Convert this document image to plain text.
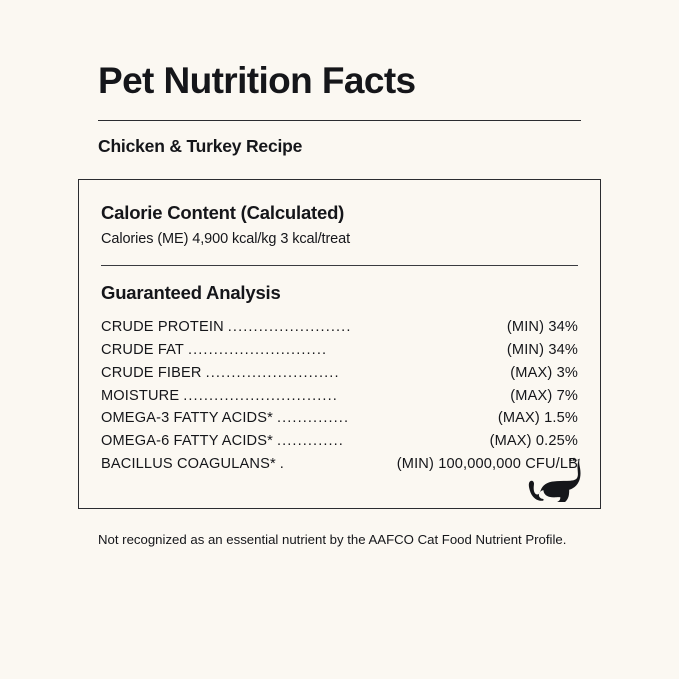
Pet Nutrition Facts
Chicken & Turkey Recipe
Calorie Content (Calculated)
Calories (ME) 4,900 kcal/kg 3 kcal/treat
Guaranteed Analysis
CRUDE PROTEIN ........................	(MIN) 34%
CRUDE FAT ...........................	(MIN) 34%
CRUDE FIBER ..........................	(MAX) 3%
MOISTURE ..............................	(MAX) 7%
OMEGA-3 FATTY ACIDS* ..............	(MAX) 1.5%
OMEGA-6 FATTY ACIDS* .............	(MAX) 0.25%
BACILLUS COAGULANS* .	(MIN) 100,000,000 CFU/LB
Not recognized as an essential nutrient by the AAFCO Cat Food Nutrient Profile.
